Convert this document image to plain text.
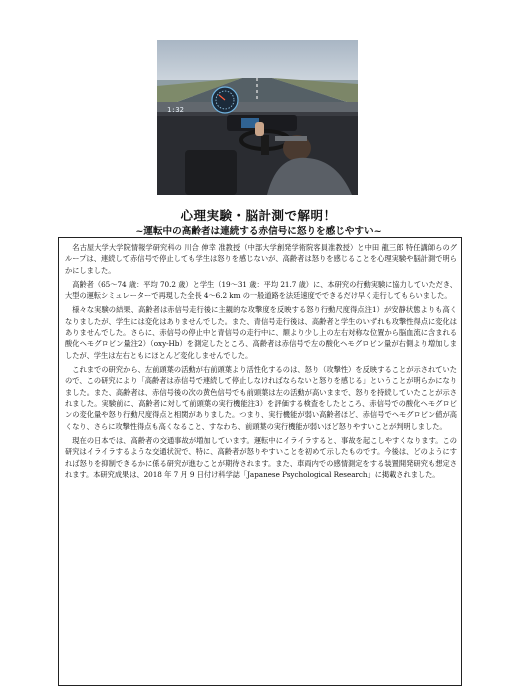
1:32
心理実験・脳計測で解明！
~運転中の高齢者は連続する赤信号に怒りを感じやすい~

名古屋大学大学院情報学研究科の 川合 伸幸 准教授（中部大学創発学術院客員准教授）と中田 龍三郎 特任講師らのグループは、連続して赤信号で停止しても学生は怒りを感じないが、高齢者は怒りを感じることを心理実験や脳計測で明らかにしました。

高齢者（65～74 歳：平均 70.2 歳）と学生（19～31 歳：平均 21.7 歳）に、本研究の行動実験に協力していただき、大型の運転シミュレーターで再現した全長 4～6.2 km の一般道路を法廷速度でできるだけ早く走行してもらいました。

様々な実験の結果、高齢者は赤信号走行後に主観的な攻撃度を反映する怒り行動尺度得点注1）が安静状態よりも高くなりましたが、学生には変化はありませんでした。また、青信号走行後は、高齢者と学生のいずれも攻撃性得点に変化はありませんでした。さらに、赤信号の停止中と青信号の走行中に、額より少し上の左右対称な位置から脳血流に含まれる酸化ヘモグロビン量注2）（oxy-Hb）を測定したところ、高齢者は赤信号で左の酸化ヘモグロビン量が右側より増加しましたが、学生は左右ともにほとんど変化しませんでした。

これまでの研究から、左前頭葉の活動が右前頭葉より活性化するのは、怒り（攻撃性）を反映することが示されていたので、この研究により「高齢者は赤信号で連続して停止しなければならないと怒りを感じる」ということが明らかになりました。また、高齢者は、赤信号後の次の黄色信号でも前頭葉は左の活動が高いままで、怒りを持続していたことが示されました。実験前に、高齢者に対して前頭葉の実行機能注3）を評価する検査をしたところ、赤信号での酸化ヘモグロビンの変化量や怒り行動尺度得点と相関がありました。つまり、実行機能が弱い高齢者ほど、赤信号でヘモグロビン値が高くなり、さらに攻撃性得点も高くなること、すなわち、前頭葉の実行機能が弱いほど怒りやすいことが判明しました。

現在の日本では、高齢者の交通事故が増加しています。運転中にイライラすると、事故を起こしやすくなります。この研究はイライラするような交通状況で、特に、高齢者が怒りやすいことを初めて示したものです。今後は、どのようにすれば怒りを抑制できるかに係る研究が進むことが期待されます。また、車両内での感情測定をする装置開発研究も想定されます。本研究成果は、2018 年 7 月 9 日付け科学誌「Japanese Psychological Research」に掲載されました。
